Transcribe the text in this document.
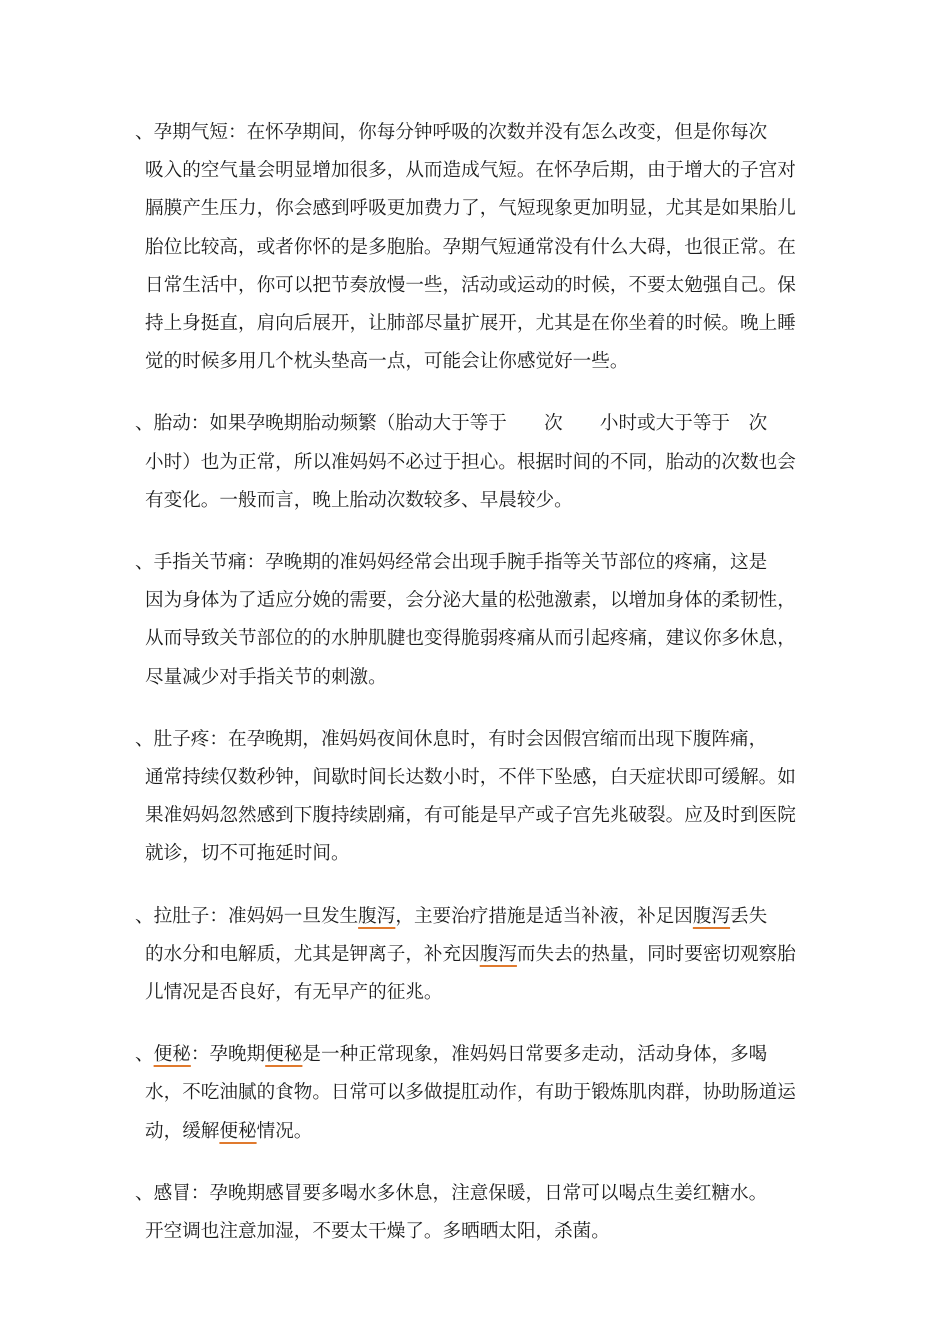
、孕期气短：在怀孕期间，你每分钟呼吸的次数并没有怎么改变，但是你每次
吸入的空气量会明显增加很多，从而造成气短。在怀孕后期，由于增大的子宫对
膈膜产生压力，你会感到呼吸更加费力了，气短现象更加明显，尤其是如果胎儿
胎位比较高，或者你怀的是多胞胎。孕期气短通常没有什么大碍，也很正常。在
日常生活中，你可以把节奏放慢一些，活动或运动的时候，不要太勉强自己。保
持上身挺直，肩向后展开，让肺部尽量扩展开，尤其是在你坐着的时候。晚上睡
觉的时候多用几个枕头垫高一点，可能会让你感觉好一些。
、胎动：如果孕晚期胎动频繁（胎动大于等于　　次　　小时或大于等于　次
小时）也为正常，所以准妈妈不必过于担心。根据时间的不同，胎动的次数也会
有变化。一般而言，晚上胎动次数较多、早晨较少。
、手指关节痛：孕晚期的准妈妈经常会出现手腕手指等关节部位的疼痛，这是
因为身体为了适应分娩的需要，会分泌大量的松弛激素，以增加身体的柔韧性，
从而导致关节部位的的水肿肌腱也变得脆弱疼痛从而引起疼痛，建议你多休息，
尽量减少对手指关节的刺激。
、肚子疼：在孕晚期，准妈妈夜间休息时，有时会因假宫缩而出现下腹阵痛，
通常持续仅数秒钟，间歇时间长达数小时，不伴下坠感，白天症状即可缓解。如
果准妈妈忽然感到下腹持续剧痛，有可能是早产或子宫先兆破裂。应及时到医院
就诊，切不可拖延时间。
、拉肚子：准妈妈一旦发生腹泻，主要治疗措施是适当补液，补足因腹泻丢失
的水分和电解质，尤其是钾离子，补充因腹泻而失去的热量，同时要密切观察胎
儿情况是否良好，有无早产的征兆。
、便秘：孕晚期便秘是一种正常现象，准妈妈日常要多走动，活动身体，多喝
水，不吃油腻的食物。日常可以多做提肛动作，有助于锻炼肌肉群，协助肠道运
动，缓解便秘情况。
、感冒：孕晚期感冒要多喝水多休息，注意保暖，日常可以喝点生姜红糖水。
开空调也注意加湿，不要太干燥了。多晒晒太阳，杀菌。
